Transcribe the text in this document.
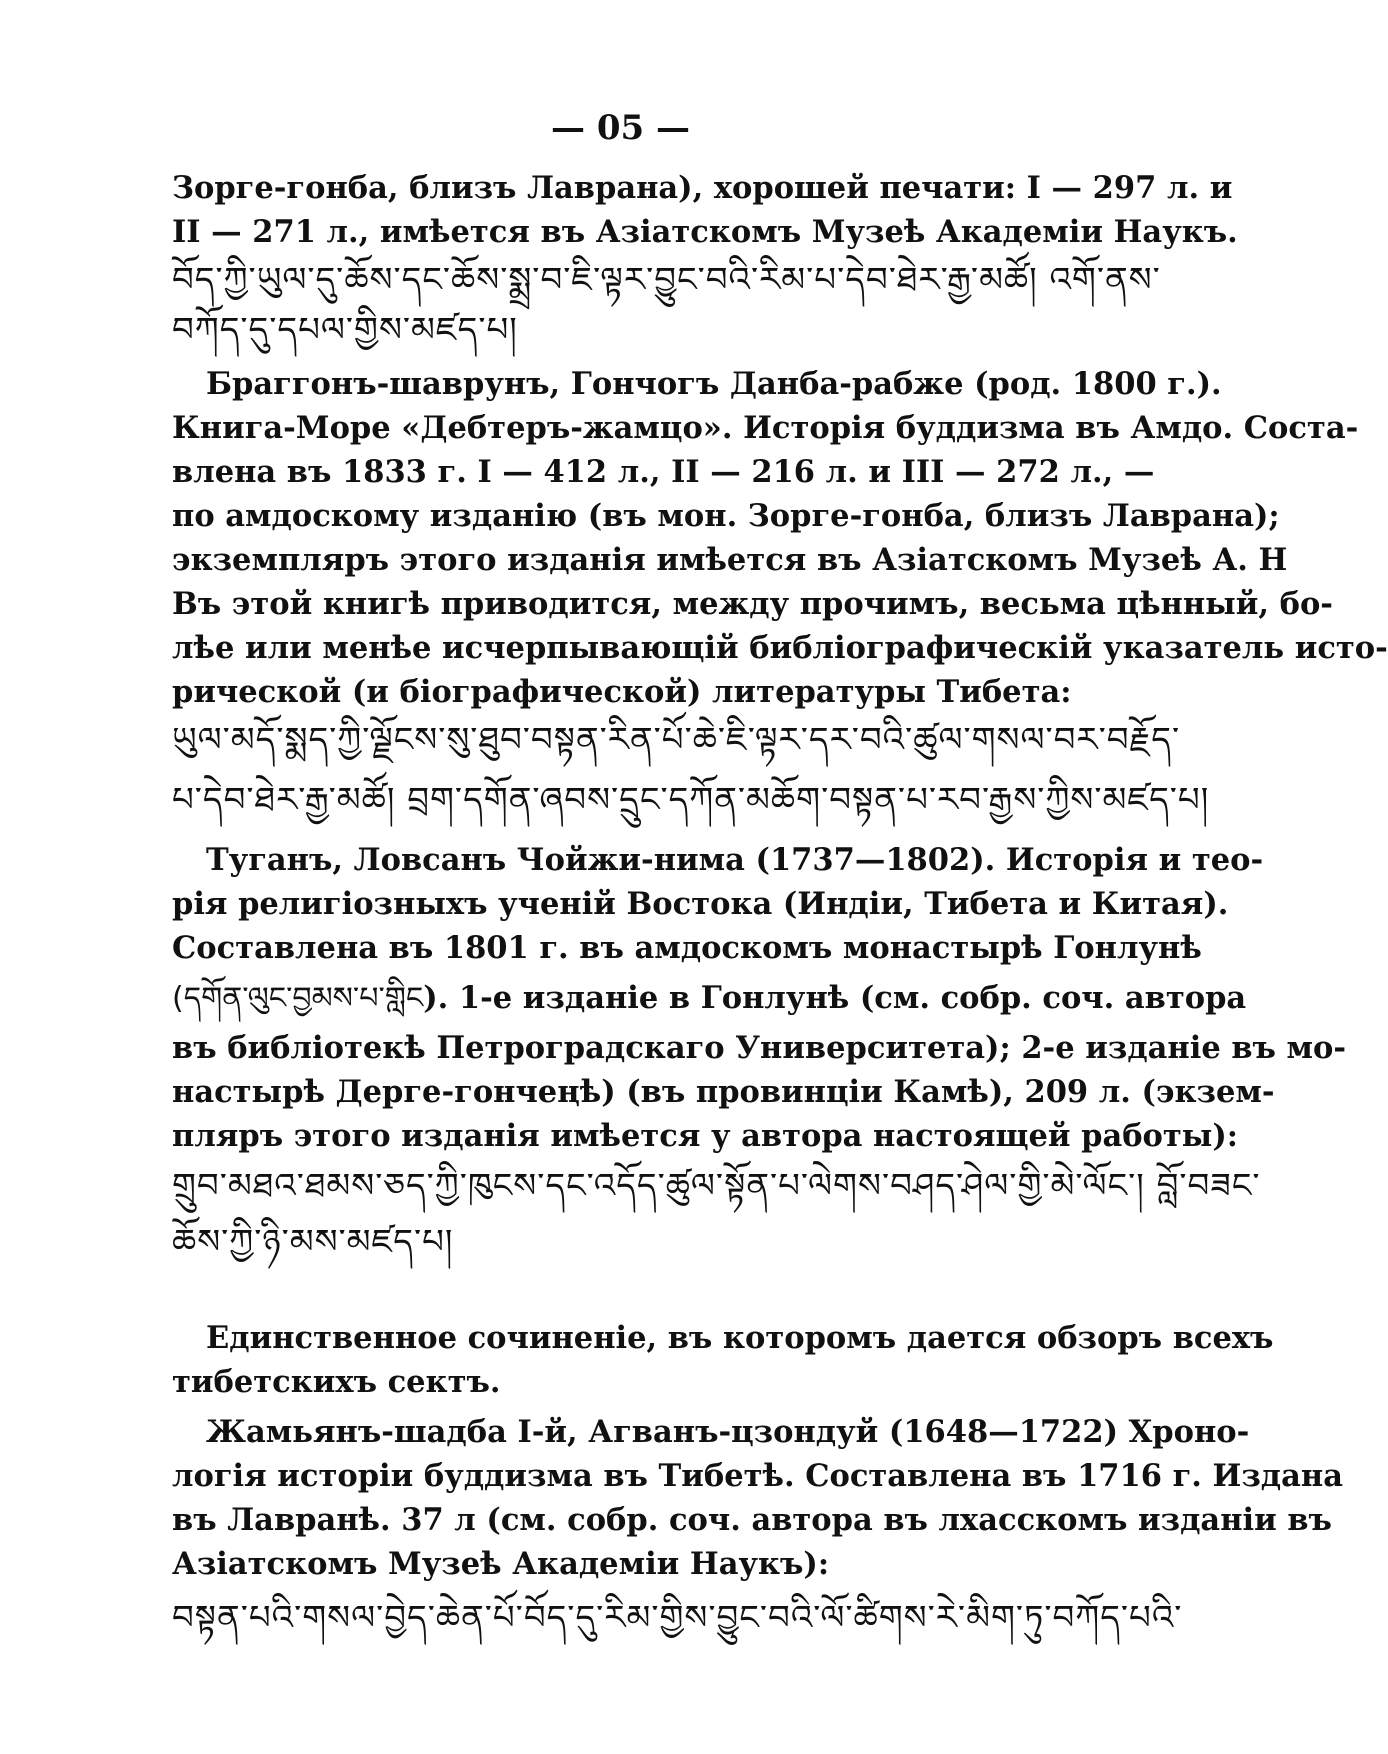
— 05 —
Зорге-гонба, близъ Лаврана), хорошей печати: I — 297 л. и
II — 271 л., имѣется въ Азіатскомъ Музеѣ Академіи Наукъ.
བོད་ཀྱི་ཡུལ་དུ་ཆོས་དང་ཆོས་སྨྲ་བ་ཇི་ལྟར་བྱུང་བའི་རིམ་པ་དེབ་ཐེར་རྒྱ་མཚོ། འགོ་ནས་
བཀོད་དུ་དཔལ་གྱིས་མཛད་པ།
Браггонъ-шаврунъ, Гончогъ Данба-рабже (род. 1800 г.).
Книга-Море «Дебтеръ-жамцо». Исторія буддизма въ Амдо. Соста-
влена въ 1833 г. I — 412 л., II — 216 л. и III — 272 л., —
по амдоскому изданію (въ мон. Зорге-гонба, близъ Лаврана);
экземпляръ этого изданія имѣется въ Азіатскомъ Музеѣ А. Н
Въ этой книгѣ приводится, между прочимъ, весьма цѣнный, бо-
лѣе или менѣе исчерпывающій библіографическій указатель исто-
рической (и біографической) литературы Тибета:
ཡུལ་མདོ་སྨད་ཀྱི་ལྗོངས་སུ་ཐུབ་བསྟན་རིན་པོ་ཆེ་ཇི་ལྟར་དར་བའི་ཚུལ་གསལ་བར་བརྗོད་
པ་དེབ་ཐེར་རྒྱ་མཚོ། བྲག་དགོན་ཞབས་དྲུང་དཀོན་མཆོག་བསྟན་པ་རབ་རྒྱས་ཀྱིས་མཛད་པ།
Туганъ, Ловсанъ Чойжи-нима (1737—1802). Исторія и тео-
рія религіозныхъ ученій Востока (Индіи, Тибета и Китая).
Составлена въ 1801 г. въ амдоскомъ монастырѣ Гонлунѣ
(དགོན་ལུང་བྱམས་པ་གླིང ). 1-е изданіе в Гонлунѣ (см. собр. соч. автора
въ библіотекѣ Петроградскаго Университета); 2-е изданіе въ мо-
настырѣ Дерге-гончеңѣ) (въ провинціи Камѣ), 209 л. (экзем-
пляръ этого изданія имѣется у автора настоящей работы):
གྲུབ་མཐའ་ཐམས་ཅད་ཀྱི་ཁུངས་དང་འདོད་ཚུལ་སྟོན་པ་ལེགས་བཤད་ཤེལ་གྱི་མེ་ལོང་། བློ་བཟང་
ཆོས་ཀྱི་ཉི་མས་མཛད་པ།
Единственное сочиненіе, въ которомъ дается обзоръ всехъ
тибетскихъ сектъ.
Жамьянъ-шадба I-й, Агванъ-цзондуй (1648—1722) Хроно-
логія исторіи буддизма въ Тибетѣ. Составлена въ 1716 г. Издана
въ Лавранѣ. 37 л (см. собр. соч. автора въ лхасскомъ изданіи въ
Азіатскомъ Музеѣ Академіи Наукъ):
བསྟན་པའི་གསལ་བྱེད་ཆེན་པོ་བོད་དུ་རིམ་གྱིས་བྱུང་བའི་ལོ་ཚིགས་རེ་མིག་ཏུ་བཀོད་པའི་
